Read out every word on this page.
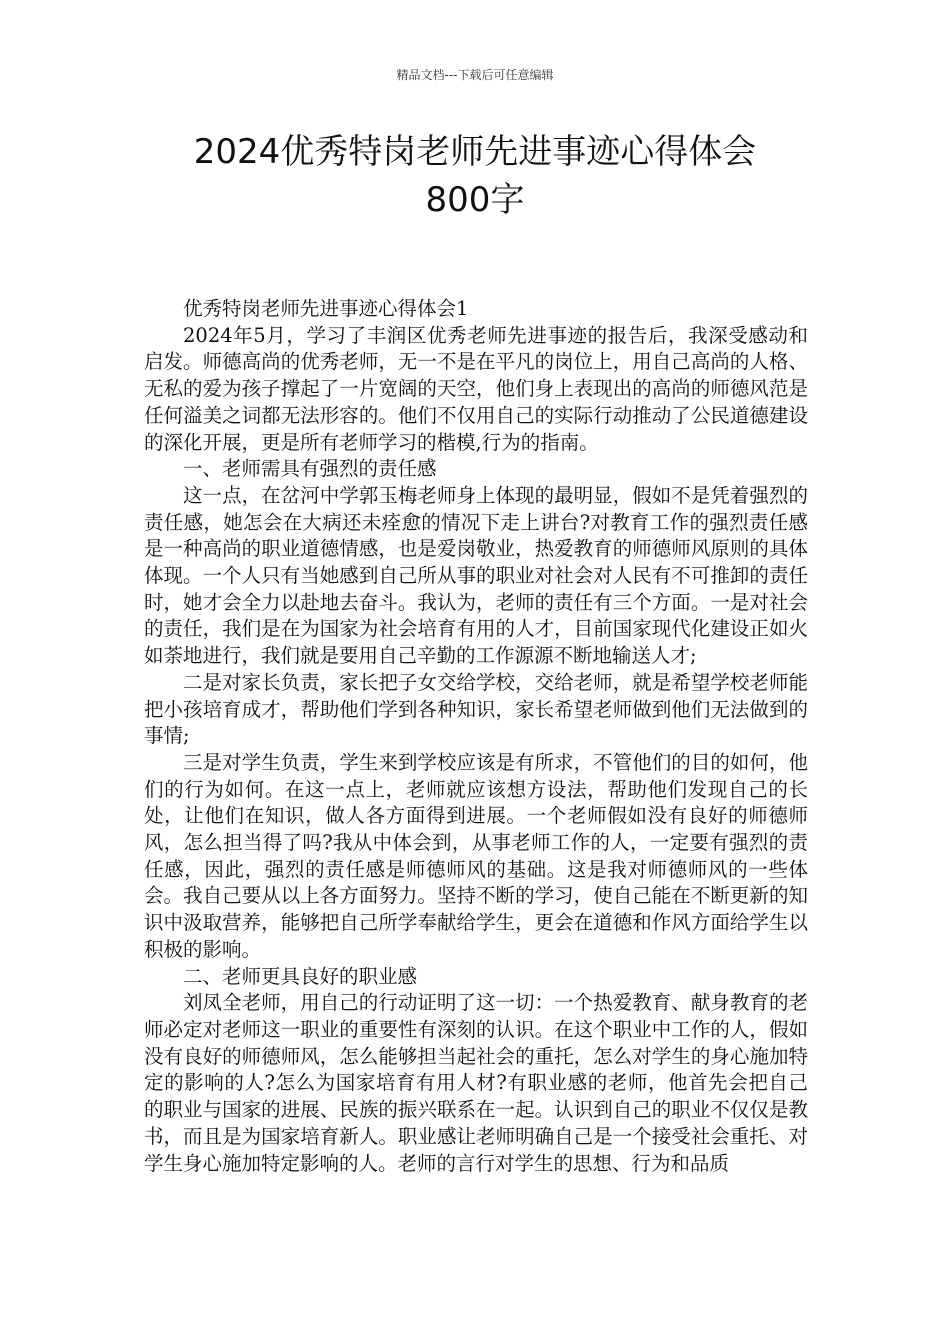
精品文档---下载后可任意编辑
2024优秀特岗老师先进事迹心得体会
800字

优秀特岗老师先进事迹心得体会1

2024年5月，学习了丰润区优秀老师先进事迹的报告后，我深受感动和启发。师德高尚的优秀老师，无一不是在平凡的岗位上，用自己高尚的人格、无私的爱为孩子撑起了一片宽阔的天空，他们身上表现出的高尚的师德风范是任何溢美之词都无法形容的。他们不仅用自己的实际行动推动了公民道德建设的深化开展，更是所有老师学习的楷模,行为的指南。

一、老师需具有强烈的责任感

这一点，在岔河中学郭玉梅老师身上体现的最明显，假如不是凭着强烈的责任感，她怎会在大病还未痊愈的情况下走上讲台?对教育工作的强烈责任感是一种高尚的职业道德情感，也是爱岗敬业，热爱教育的师德师风原则的具体体现。一个人只有当她感到自己所从事的职业对社会对人民有不可推卸的责任时，她才会全力以赴地去奋斗。我认为，老师的责任有三个方面。一是对社会的责任，我们是在为国家为社会培育有用的人才，目前国家现代化建设正如火如荼地进行，我们就是要用自己辛勤的工作源源不断地输送人才;

二是对家长负责，家长把子女交给学校，交给老师，就是希望学校老师能把小孩培育成才，帮助他们学到各种知识，家长希望老师做到他们无法做到的事情;

三是对学生负责，学生来到学校应该是有所求，不管他们的目的如何，他们的行为如何。在这一点上，老师就应该想方设法，帮助他们发现自己的长处，让他们在知识，做人各方面得到进展。一个老师假如没有良好的师德师风，怎么担当得了吗?我从中体会到，从事老师工作的人，一定要有强烈的责任感，因此，强烈的责任感是师德师风的基础。这是我对师德师风的一些体会。我自己要从以上各方面努力。坚持不断的学习，使自己能在不断更新的知识中汲取营养，能够把自己所学奉献给学生，更会在道德和作风方面给学生以积极的影响。

二、老师更具良好的职业感

刘凤全老师，用自己的行动证明了这一切：一个热爱教育、献身教育的老师必定对老师这一职业的重要性有深刻的认识。在这个职业中工作的人，假如没有良好的师德师风，怎么能够担当起社会的重托，怎么对学生的身心施加特定的影响的人?怎么为国家培育有用人材?有职业感的老师，他首先会把自己的职业与国家的进展、民族的振兴联系在一起。认识到自己的职业不仅仅是教书，而且是为国家培育新人。职业感让老师明确自己是一个接受社会重托、对学生身心施加特定影响的人。老师的言行对学生的思想、行为和品质
